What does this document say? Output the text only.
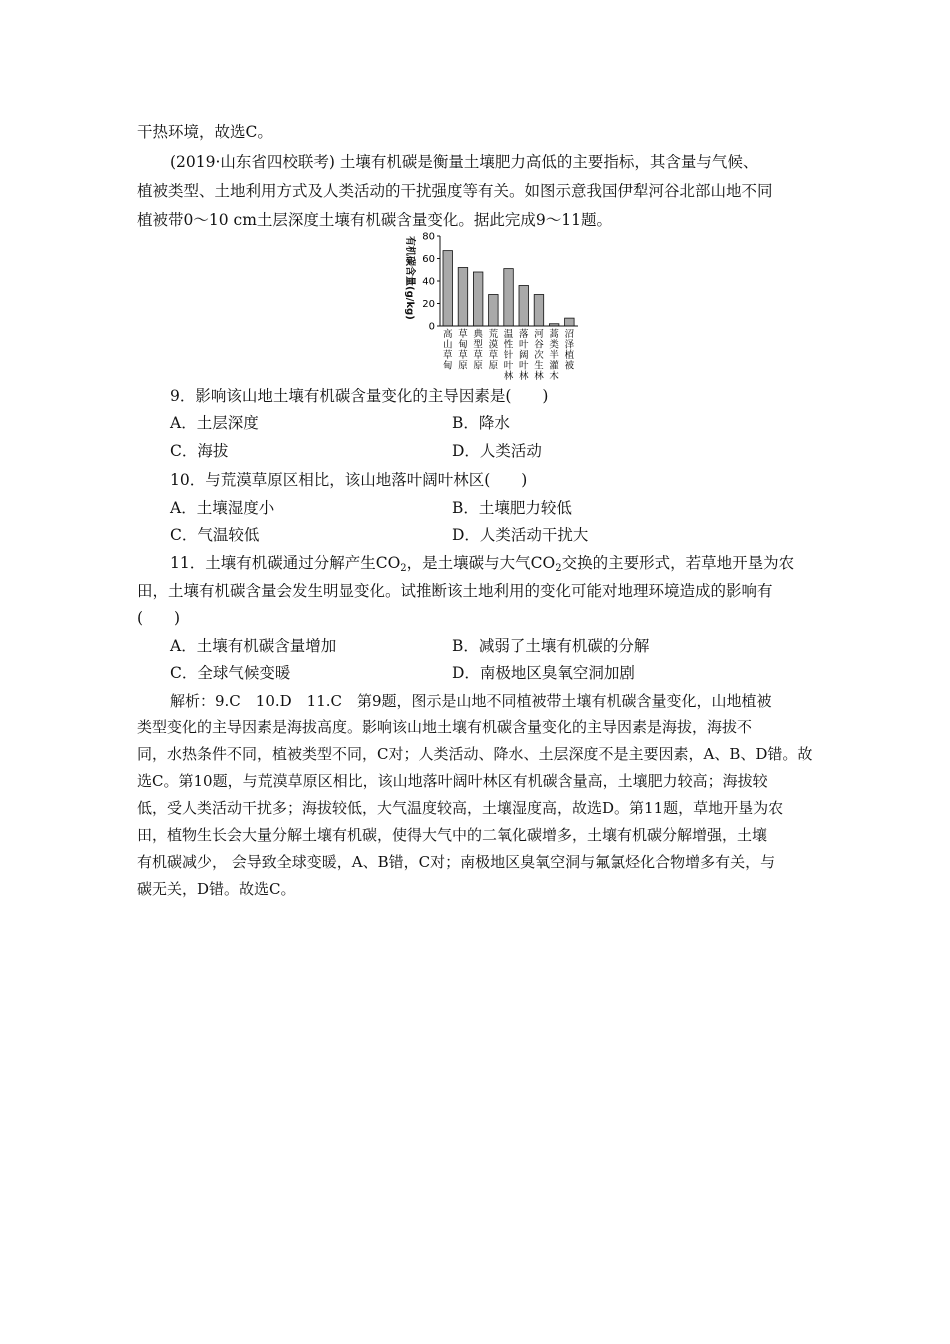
干热环境，故选C。
(2019·山东省四校联考) 土壤有机碳是衡量土壤肥力高低的主要指标，其含量与气候、
植被类型、土地利用方式及人类活动的干扰强度等有关。如图示意我国伊犁河谷北部山地不同
植被带0～10 cm土层深度土壤有机碳含量变化。据此完成9～11题。
有机碳含量(g/kg) 80
60
40
20
0
高
山
草
甸
草
甸
草
原
典
型
草
原
荒
漠
草
原
温
性
针
叶
林
落
叶
阔
叶
林
河
谷
次
生
林
蒿
类
半
灌
木
沼
泽
植
被
9．影响该山地土壤有机碳含量变化的主导因素是(　　)
A．土层深度	B．降水
C．海拔	D．人类活动
10．与荒漠草原区相比，该山地落叶阔叶林区(　　)
A．土壤湿度小	B．土壤肥力较低
C．气温较低	D．人类活动干扰大
11．土壤有机碳通过分解产生CO2，是土壤碳与大气CO2交换的主要形式，若草地开垦为农
田，土壤有机碳含量会发生明显变化。试推断该土地利用的变化可能对地理环境造成的影响有
(　　)
A．土壤有机碳含量增加	B．减弱了土壤有机碳的分解
C．全球气候变暖	D．南极地区臭氧空洞加剧
解析：9.C　10.D　11.C　第9题，图示是山地不同植被带土壤有机碳含量变化，山地植被
类型变化的主导因素是海拔高度。影响该山地土壤有机碳含量变化的主导因素是海拔，海拔不
同，水热条件不同，植被类型不同，C对；人类活动、降水、土层深度不是主要因素，A、B、D错。故
选C。第10题，与荒漠草原区相比，该山地落叶阔叶林区有机碳含量高，土壤肥力较高；海拔较
低，受人类活动干扰多；海拔较低，大气温度较高，土壤湿度高，故选D。第11题，草地开垦为农
田，植物生长会大量分解土壤有机碳，使得大气中的二氧化碳增多，土壤有机碳分解增强，土壤
有机碳减少， 会导致全球变暖，A、B错，C对；南极地区臭氧空洞与氟氯烃化合物增多有关，与
碳无关，D错。故选C。
